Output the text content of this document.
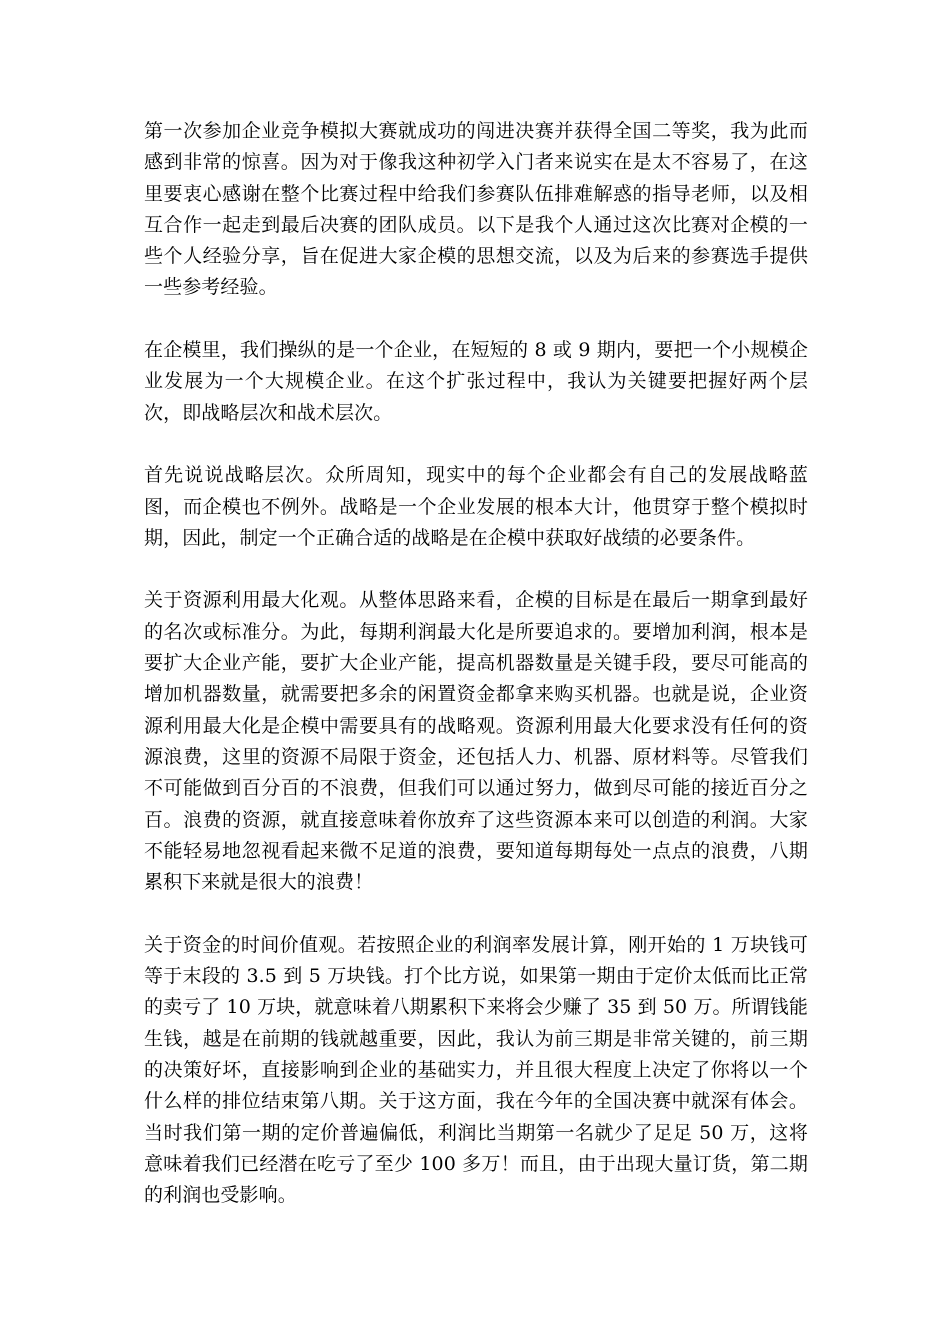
第一次参加企业竞争模拟大赛就成功的闯进决赛并获得全国二等奖，我为此而感到非常的惊喜。因为对于像我这种初学入门者来说实在是太不容易了，在这里要衷心感谢在整个比赛过程中给我们参赛队伍排难解惑的指导老师，以及相互合作一起走到最后决赛的团队成员。以下是我个人通过这次比赛对企模的一些个人经验分享，旨在促进大家企模的思想交流，以及为后来的参赛选手提供一些参考经验。

在企模里，我们操纵的是一个企业，在短短的 8 或 9 期内，要把一个小规模企业发展为一个大规模企业。在这个扩张过程中，我认为关键要把握好两个层次，即战略层次和战术层次。

首先说说战略层次。众所周知，现实中的每个企业都会有自己的发展战略蓝图，而企模也不例外。战略是一个企业发展的根本大计，他贯穿于整个模拟时期，因此，制定一个正确合适的战略是在企模中获取好战绩的必要条件。

关于资源利用最大化观。从整体思路来看，企模的目标是在最后一期拿到最好的名次或标准分。为此，每期利润最大化是所要追求的。要增加利润，根本是要扩大企业产能，要扩大企业产能，提高机器数量是关键手段，要尽可能高的增加机器数量，就需要把多余的闲置资金都拿来购买机器。也就是说，企业资源利用最大化是企模中需要具有的战略观。资源利用最大化要求没有任何的资源浪费，这里的资源不局限于资金，还包括人力、机器、原材料等。尽管我们不可能做到百分百的不浪费，但我们可以通过努力，做到尽可能的接近百分之百。浪费的资源，就直接意味着你放弃了这些资源本来可以创造的利润。大家不能轻易地忽视看起来微不足道的浪费，要知道每期每处一点点的浪费，八期累积下来就是很大的浪费！

关于资金的时间价值观。若按照企业的利润率发展计算，刚开始的 1 万块钱可等于末段的 3.5 到 5 万块钱。打个比方说，如果第一期由于定价太低而比正常的卖亏了 10 万块，就意味着八期累积下来将会少赚了 35 到 50 万。所谓钱能生钱，越是在前期的钱就越重要，因此，我认为前三期是非常关键的，前三期的决策好坏，直接影响到企业的基础实力，并且很大程度上决定了你将以一个什么样的排位结束第八期。关于这方面，我在今年的全国决赛中就深有体会。当时我们第一期的定价普遍偏低，利润比当期第一名就少了足足 50 万，这将意味着我们已经潜在吃亏了至少 100 多万！而且，由于出现大量订货，第二期的利润也受影响。
